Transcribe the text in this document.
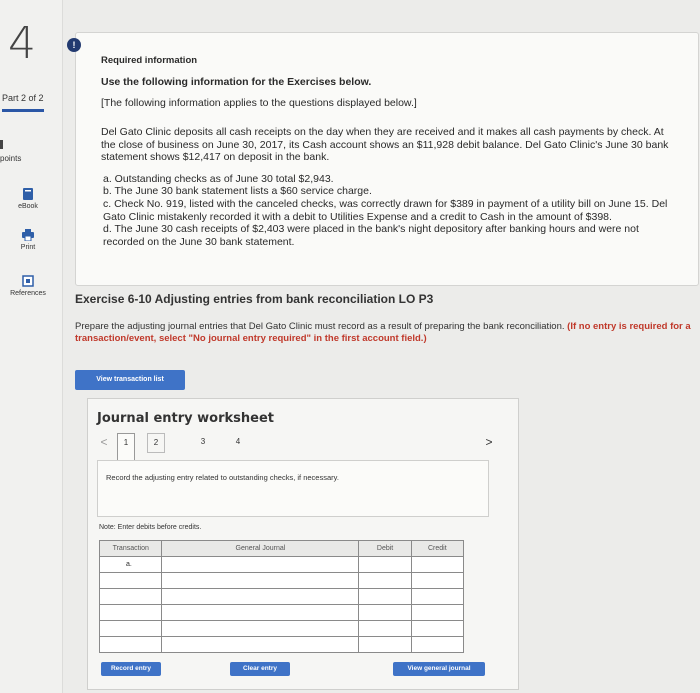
4
Part 2 of 2
points
eBook
Print
References
!
Required information
Use the following information for the Exercises below.
[The following information applies to the questions displayed below.]
Del Gato Clinic deposits all cash receipts on the day when they are received and it makes all cash payments by check. At the close of business on June 30, 2017, its Cash account shows an $11,928 debit balance. Del Gato Clinic's June 30 bank statement shows $12,417 on deposit in the bank.
a. Outstanding checks as of June 30 total $2,943.
b. The June 30 bank statement lists a $60 service charge.
c. Check No. 919, listed with the canceled checks, was correctly drawn for $389 in payment of a utility bill on June 15. Del Gato Clinic mistakenly recorded it with a debit to Utilities Expense and a credit to Cash in the amount of $398.
d. The June 30 cash receipts of $2,403 were placed in the bank's night depository after banking hours and were not recorded on the June 30 bank statement.
Exercise 6-10 Adjusting entries from bank reconciliation LO P3
Prepare the adjusting journal entries that Del Gato Clinic must record as a result of preparing the bank reconciliation. (If no entry is required for a transaction/event, select "No journal entry required" in the first account field.)
View transaction list
Journal entry worksheet
<	1	2	3	4	>
Record the adjusting entry related to outstanding checks, if necessary.
Note: Enter debits before credits.
Transaction	General Journal	Debit	Credit
a.			

Record entry	Clear entry	View general journal
